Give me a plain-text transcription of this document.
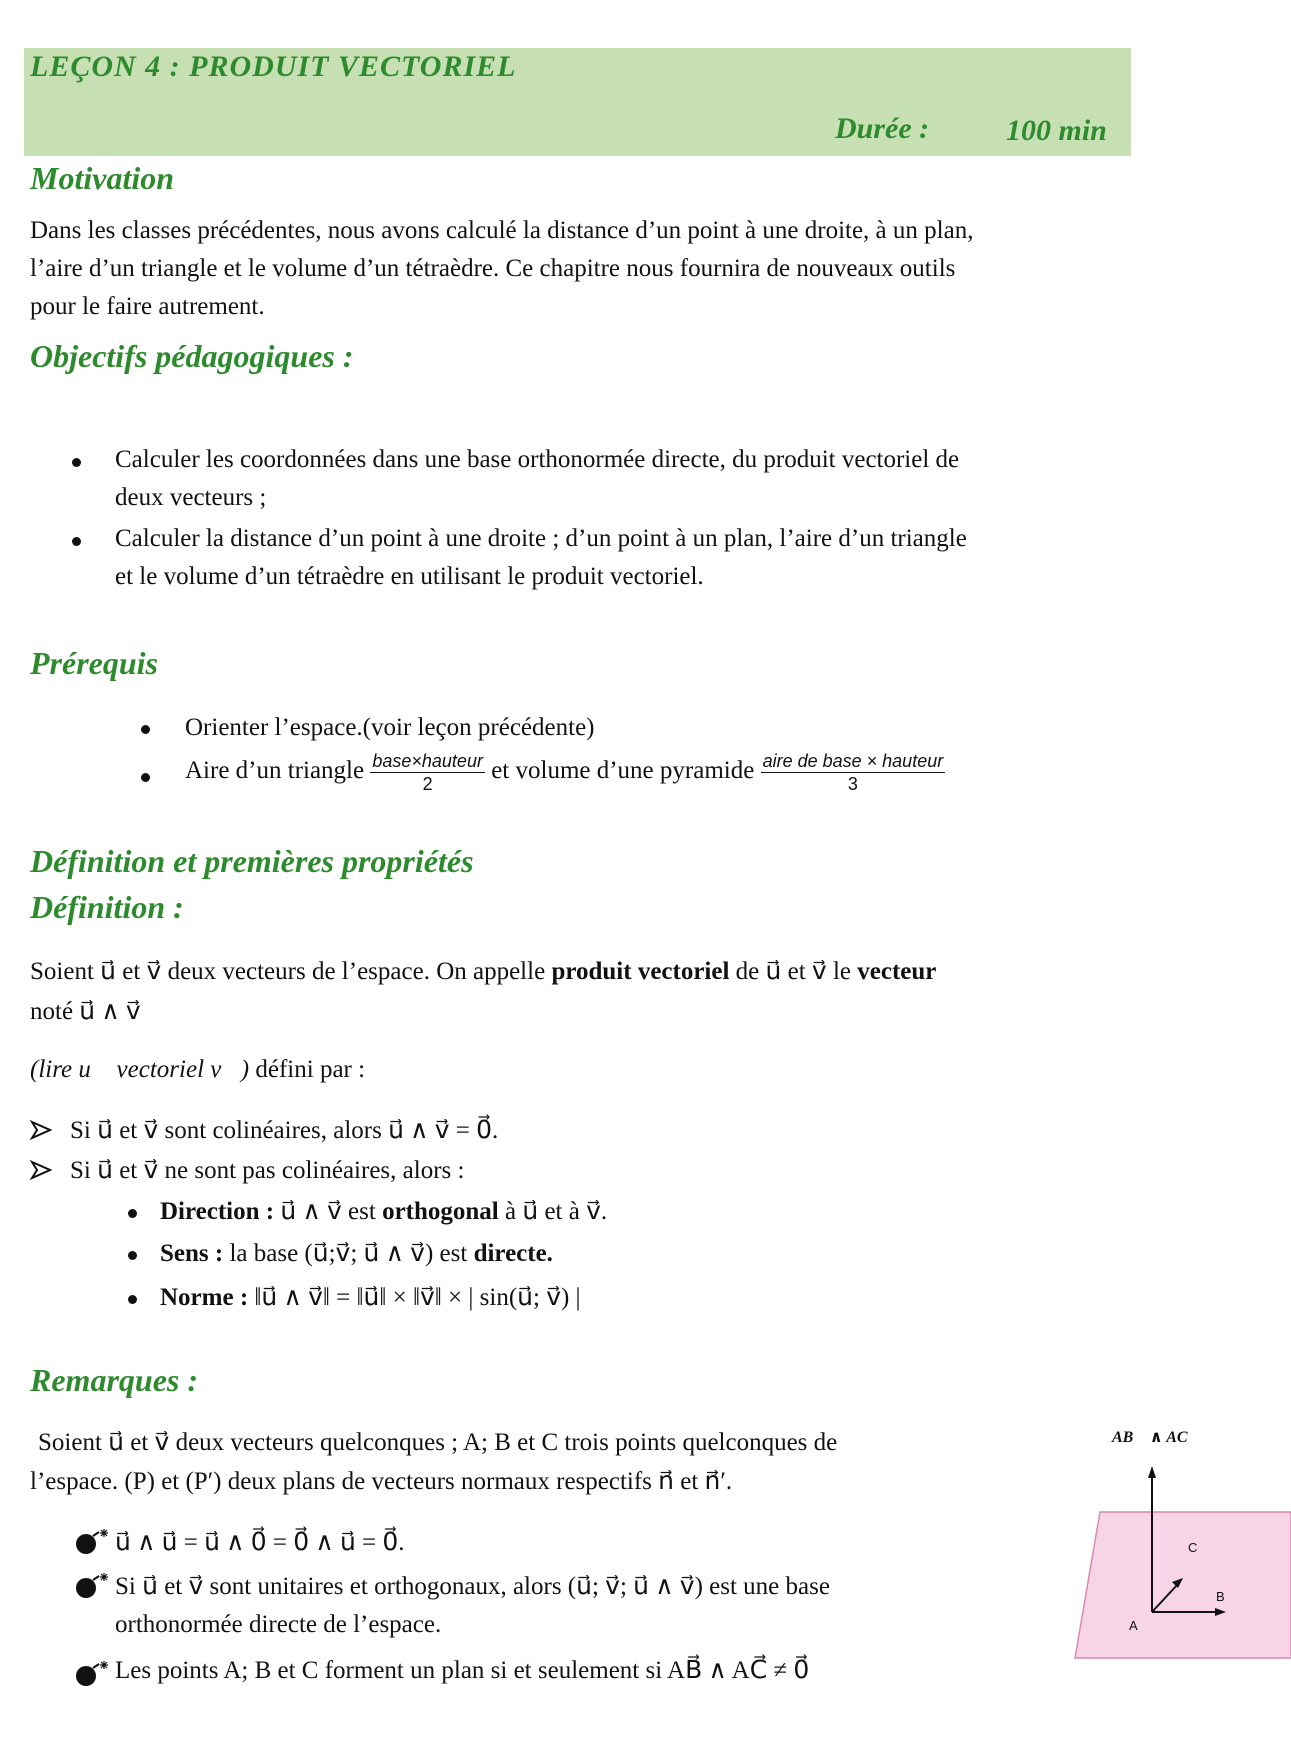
LEÇON 4 : PRODUIT VECTORIEL
Durée :	100 min
Motivation
Dans les classes précédentes, nous avons calculé la distance d’un point à une droite, à un plan,
l’aire d’un triangle et le volume d’un tétraèdre. Ce chapitre nous fournira de nouveaux outils
pour le faire autrement.
Objectifs pédagogiques :
Calculer les coordonnées dans une base orthonormée directe, du produit vectoriel de
deux vecteurs ;
Calculer la distance d’un point à une droite ; d’un point à un plan, l’aire d’un triangle
et le volume d’un tétraèdre en utilisant le produit vectoriel.
Prérequis
Orienter l’espace.(voir leçon précédente)
Aire d’un triangle $\frac{\text{base×hauteur}}{2}$ et volume d’une pyramide $\frac{\text{aire de base × hauteur}}{3}$
Définition et premières propriétés
Définition :
Soient u⃗ et v⃗ deux vecteurs de l’espace. On appelle produit vectoriel de u⃗ et v⃗ le vecteur
noté u⃗ ∧ v⃗
(lire u⃗ vectoriel v⃗) défini par :
Si u⃗ et v⃗ sont colinéaires, alors u⃗ ∧ v⃗ = 0⃗.
Si u⃗ et v⃗ ne sont pas colinéaires, alors :
Direction : u⃗ ∧ v⃗ est orthogonal à u⃗ et à v⃗.
Sens : la base (u⃗;v⃗; u⃗ ∧ v⃗) est directe.
Norme : ‖u⃗ ∧ v⃗‖ = ‖u⃗‖ × ‖v⃗‖ × | sin(u⃗; v⃗) |
Remarques :
Soient u⃗ et v⃗ deux vecteurs quelconques ; A; B et C trois points quelconques de
l’espace. (P) et (P′) deux plans de vecteurs normaux respectifs n⃗ et n⃗′.
u⃗ ∧ u⃗ = u⃗ ∧ 0⃗ = 0⃗ ∧ u⃗ = 0⃗.
Si u⃗ et v⃗ sont unitaires et orthogonaux, alors (u⃗; v⃗; u⃗ ∧ v⃗) est une base
orthonormée directe de l’espace.
Les points A; B et C forment un plan si et seulement si AB⃗ ∧ AC⃗ ≠ 0⃗
AB⃗ ∧ AC⃗
A
B
C
